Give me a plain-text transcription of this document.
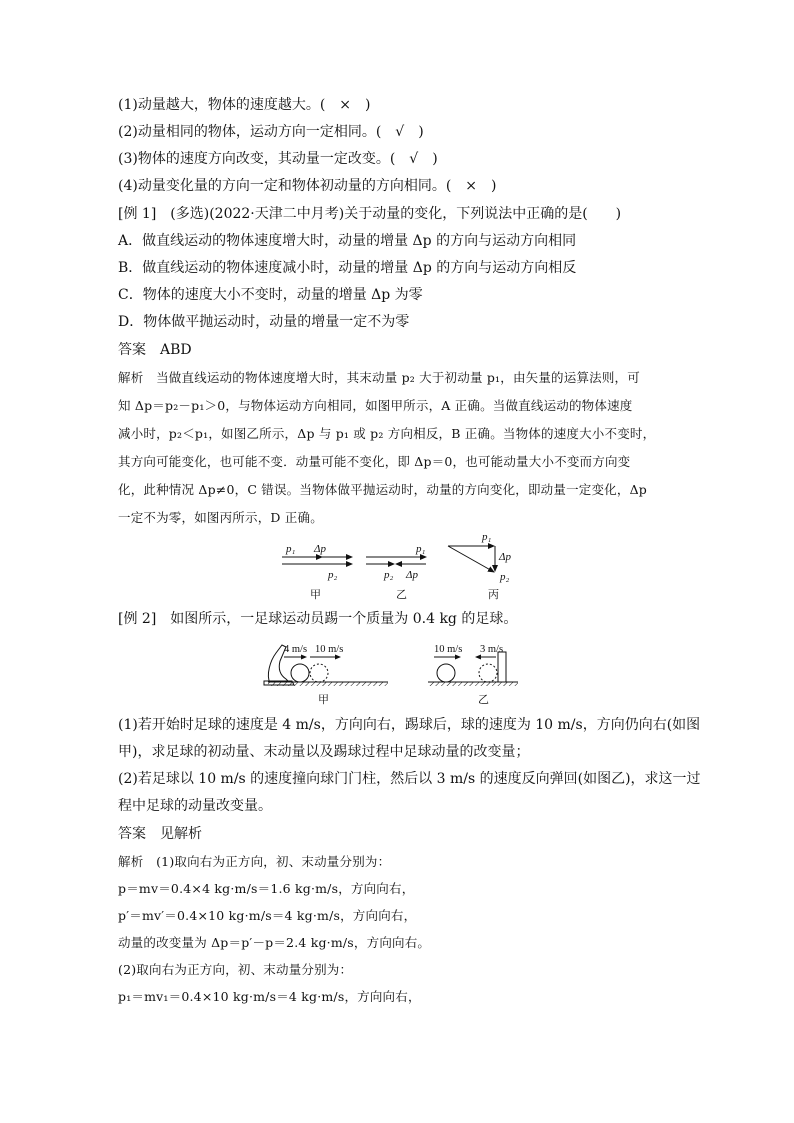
(1)动量越大，物体的速度越大。(　×　)
(2)动量相同的物体，运动方向一定相同。(　√　)
(3)物体的速度方向改变，其动量一定改变。(　√　)
(4)动量变化量的方向一定和物体初动量的方向相同。(　×　)
[例 1]　(多选)(2022·天津二中月考)关于动量的变化，下列说法中正确的是(　　)
A．做直线运动的物体速度增大时，动量的增量 Δp 的方向与运动方向相同
B．做直线运动的物体速度减小时，动量的增量 Δp 的方向与运动方向相反
C．物体的速度大小不变时，动量的增量 Δp 为零
D．物体做平抛运动时，动量的增量一定不为零
答案　ABD
解析　当做直线运动的物体速度增大时，其末动量 p₂ 大于初动量 p₁，由矢量的运算法则，可
知 Δp＝p₂－p₁＞0，与物体运动方向相同，如图甲所示，A 正确。当做直线运动的物体速度
减小时，p₂＜p₁，如图乙所示，Δp 与 p₁ 或 p₂ 方向相反，B 正确。当物体的速度大小不变时，
其方向可能变化，也可能不变．动量可能不变化，即 Δp＝0，也可能动量大小不变而方向变
化，此种情况 Δp≠0，C 错误。当物体做平抛运动时，动量的方向变化，即动量一定变化，Δp
一定不为零，如图丙所示，D 正确。
p₁ Δp
p₂
甲
p₁
p₂ Δp
乙
p₁
Δp
p₂
丙
[例 2]　如图所示，一足球运动员踢一个质量为 0.4 kg 的足球。
4 m/s 10 m/s
甲
10 m/s 3 m/s
乙
(1)若开始时足球的速度是 4 m/s，方向向右，踢球后，球的速度为 10 m/s，方向仍向右(如图
甲)，求足球的初动量、末动量以及踢球过程中足球动量的改变量；
(2)若足球以 10 m/s 的速度撞向球门门柱，然后以 3 m/s 的速度反向弹回(如图乙)，求这一过
程中足球的动量改变量。
答案　见解析
解析　(1)取向右为正方向，初、末动量分别为：
p＝mv＝0.4×4 kg·m/s＝1.6 kg·m/s，方向向右，
p′＝mv′＝0.4×10 kg·m/s＝4 kg·m/s，方向向右，
动量的改变量为 Δp＝p′－p＝2.4 kg·m/s，方向向右。
(2)取向右为正方向，初、末动量分别为：
p₁＝mv₁＝0.4×10 kg·m/s＝4 kg·m/s，方向向右，
